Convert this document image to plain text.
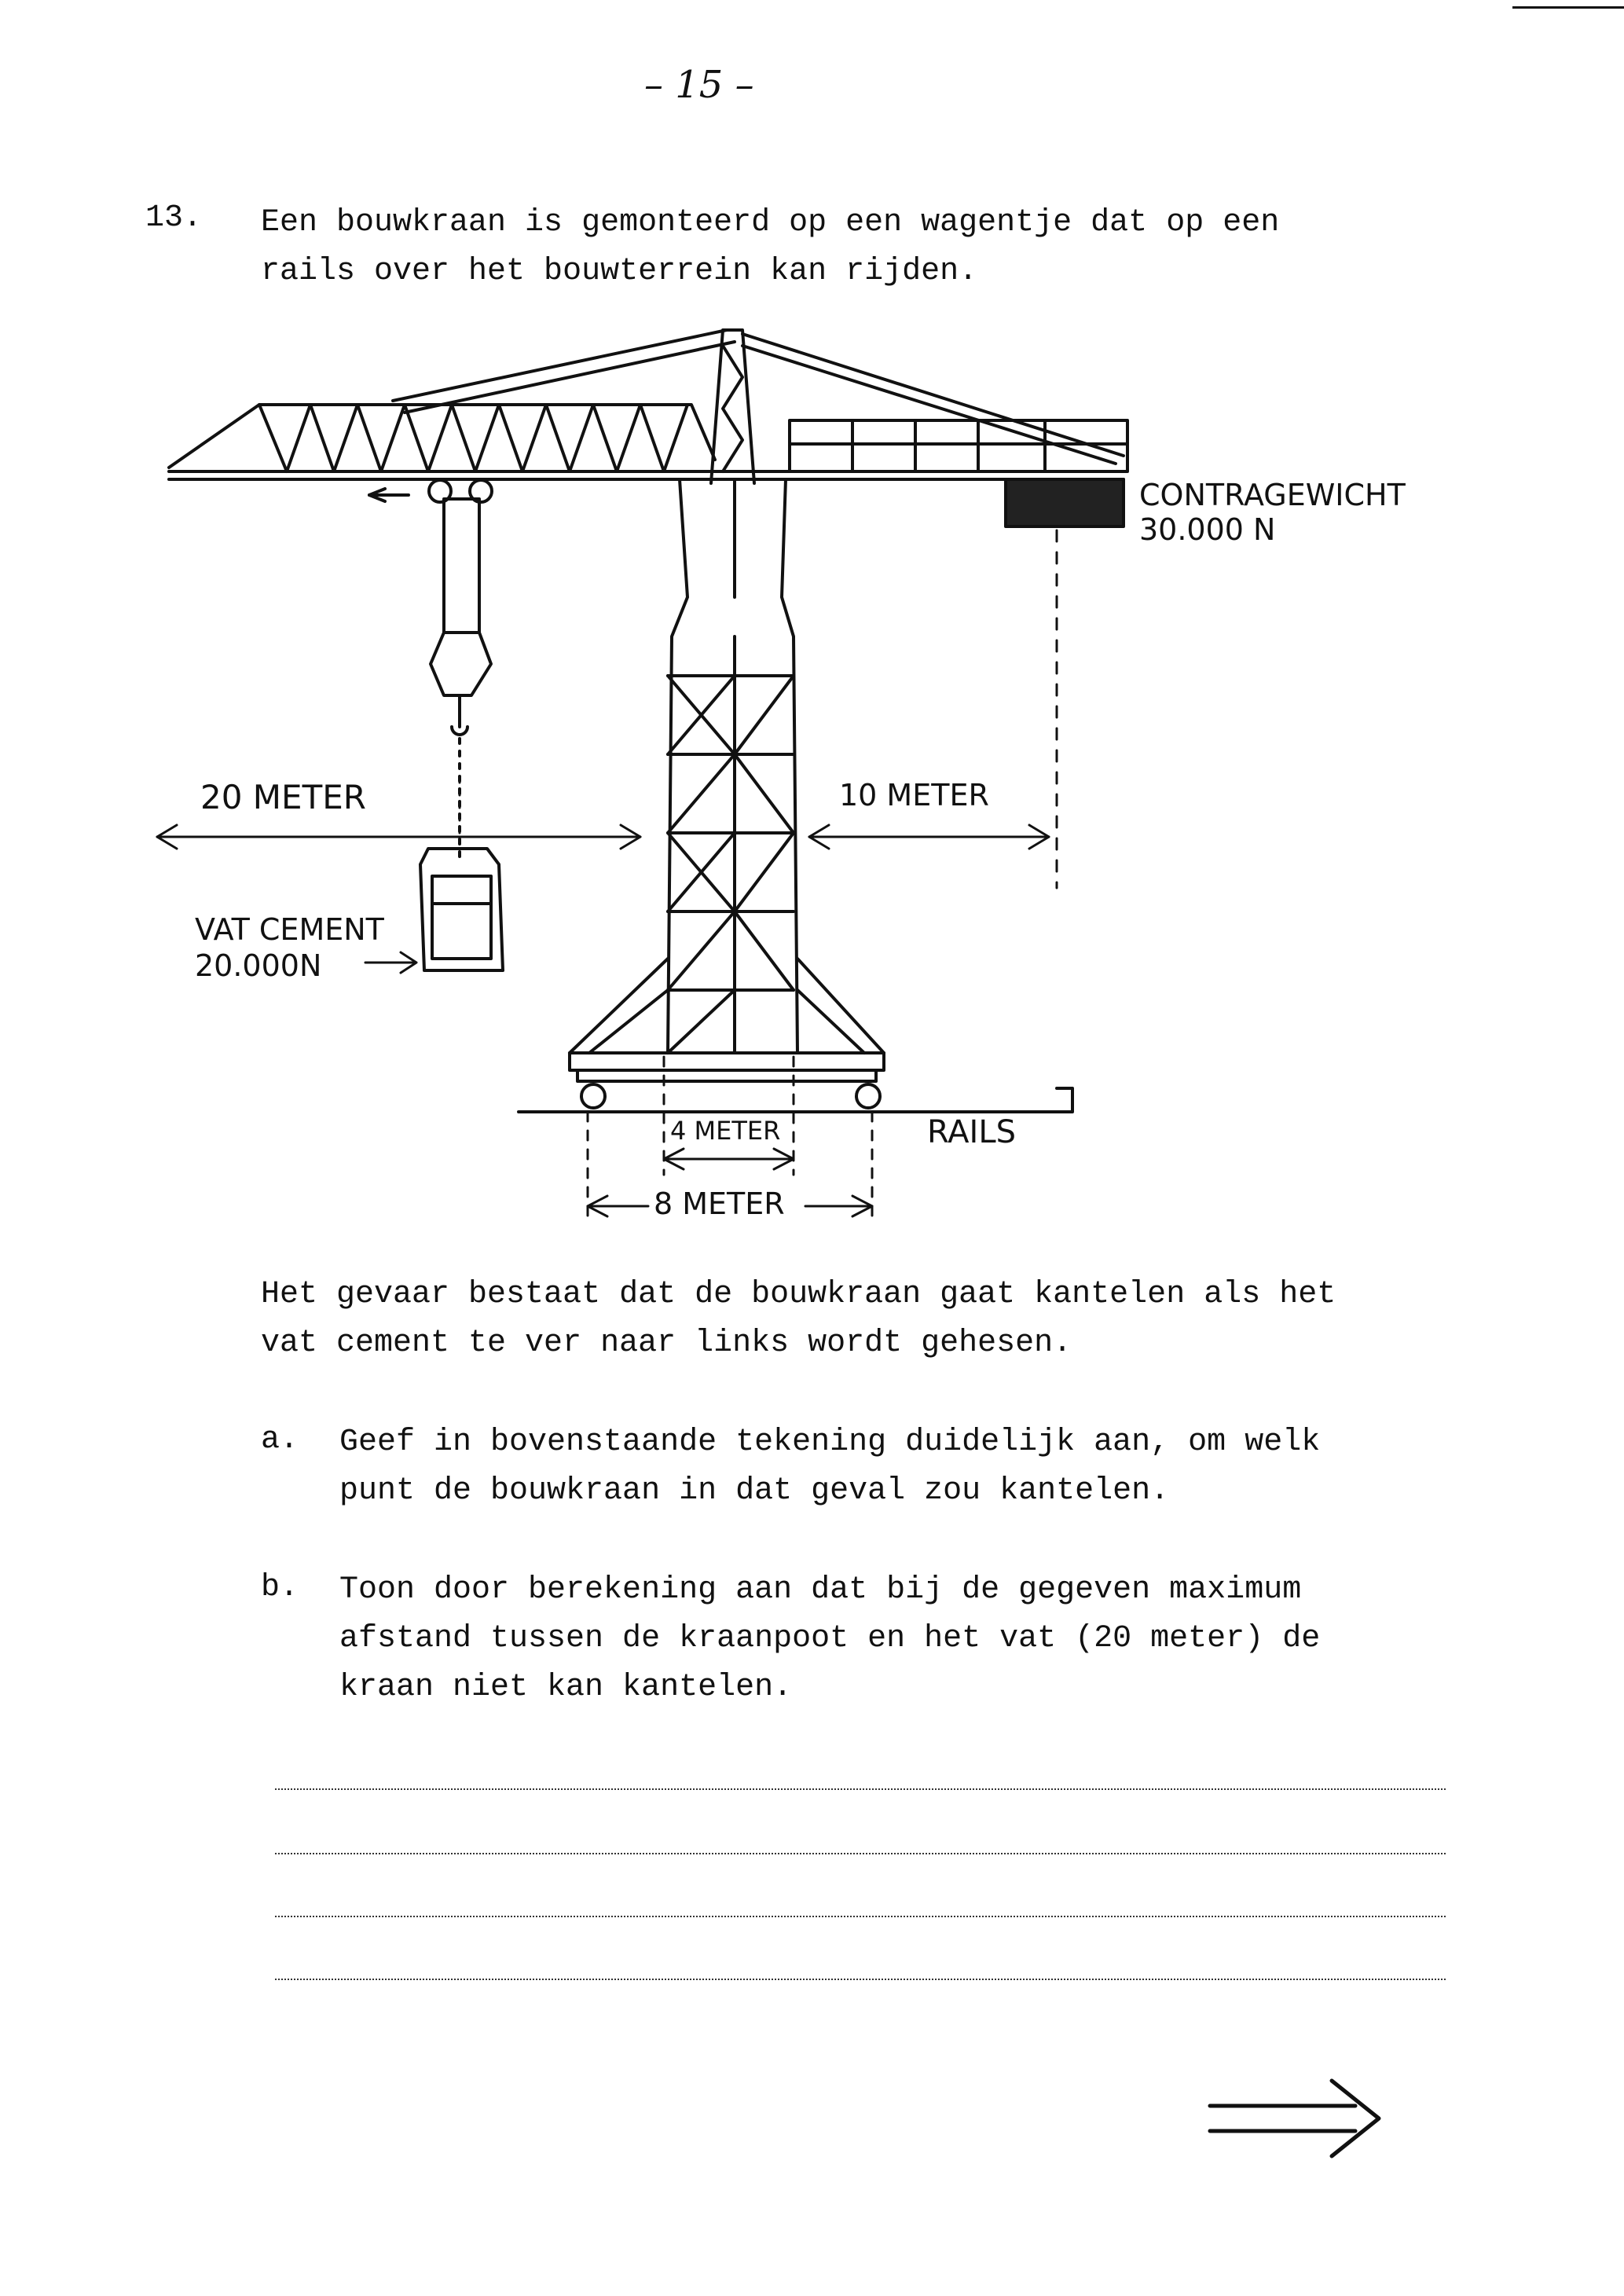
– 15 –
13. Een bouwkraan is gemonteerd op een wagentje dat op een
rails over het bouwterrein kan rijden.
CONTRAGEWICHT
30.000 N
20 METER	10 METER
VAT CEMENT
20.000N
RAILS
4 METER
8 METER
Het gevaar bestaat dat de bouwkraan gaat kantelen als het
vat cement te ver naar links wordt gehesen.
a. Geef in bovenstaande tekening duidelijk aan, om welk
punt de bouwkraan in dat geval zou kantelen.
b. Toon door berekening aan dat bij de gegeven maximum
afstand tussen de kraanpoot en het vat (20 meter) de
kraan niet kan kantelen.
